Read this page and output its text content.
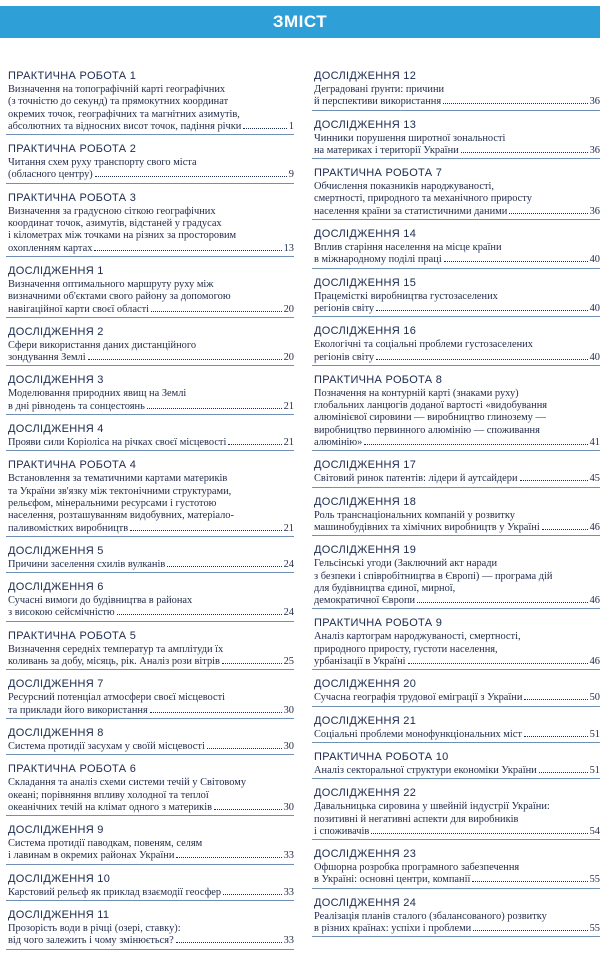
ЗМІСТ
ПРАКТИЧНА РОБОТА 1
Визначення на топографічній карті географічних
(з точністю до секунд) та прямокутних координат
окремих точок, географічних та магнітних азимутів,
абсолютних та відносних висот точок, падіння річки	1
ПРАКТИЧНА РОБОТА 2
Читання схем руху транспорту свого міста
(обласного центру)	9
ПРАКТИЧНА РОБОТА 3
Визначення за градусною сіткою географічних
координат точок, азимутів, відстаней у градусах
і кілометрах між точками на різних за просторовим
охопленням картах	13
ДОСЛІДЖЕННЯ 1
Визначення оптимального маршруту руху між
визначними об'єктами свого району за допомогою
навігаційної карти своєї області	20
ДОСЛІДЖЕННЯ 2
Сфери використання даних дистанційного
зондування Землі	20
ДОСЛІДЖЕННЯ 3
Моделювання природних явищ на Землі
в дні рівнодень та сонцестоянь	21
ДОСЛІДЖЕННЯ 4
Прояви сили Коріоліса на річках своєї місцевості	21
ПРАКТИЧНА РОБОТА 4
Встановлення за тематичними картами материків
та України зв'язку між тектонічними структурами,
рельєфом, мінеральними ресурсами і густотою
населення, розташуванням видобувних, матеріало-
паливомістких виробництв	21
ДОСЛІДЖЕННЯ 5
Причини заселення схилів вулканів	24
ДОСЛІДЖЕННЯ 6
Сучасні вимоги до будівництва в районах
з високою сейсмічністю	24
ПРАКТИЧНА РОБОТА 5
Визначення середніх температур та амплітуди їх
коливань за добу, місяць, рік. Аналіз рози вітрів	25
ДОСЛІДЖЕННЯ 7
Ресурсний потенціал атмосфери своєї місцевості
та приклади його використання	30
ДОСЛІДЖЕННЯ 8
Система протидії засухам у своїй місцевості	30
ПРАКТИЧНА РОБОТА 6
Складання та аналіз схеми системи течій у Світовому
океані; порівняння впливу холодної та теплої
океанічних течій на клімат одного з материків	30
ДОСЛІДЖЕННЯ 9
Система протидії паводкам, повеням, селям
і лавинам в окремих районах України	33
ДОСЛІДЖЕННЯ 10
Карстовий рельєф як приклад взаємодії геосфер	33
ДОСЛІДЖЕННЯ 11
Прозорість води в річці (озері, ставку):
від чого залежить і чому змінюється?	33
ДОСЛІДЖЕННЯ 12
Деградовані ґрунти: причини
й перспективи використання	36
ДОСЛІДЖЕННЯ 13
Чинники порушення широтної зональності
на материках і території України	36
ПРАКТИЧНА РОБОТА 7
Обчислення показників народжуваності,
смертності, природного та механічного приросту
населення країни за статистичними даними	36
ДОСЛІДЖЕННЯ 14
Вплив старіння населення на місце країни
в міжнародному поділі праці	40
ДОСЛІДЖЕННЯ 15
Працемісткі виробництва густозаселених
регіонів світу	40
ДОСЛІДЖЕННЯ 16
Екологічні та соціальні проблеми густозаселених
регіонів світу	40
ПРАКТИЧНА РОБОТА 8
Позначення на контурній карті (знаками руху)
глобальних ланцюгів доданої вартості «видобування
алюмінієвої сировини — виробництво глинозему —
виробництво первинного алюмінію — споживання
алюмінію»	41
ДОСЛІДЖЕННЯ 17
Світовий ринок патентів: лідери й аутсайдери	45
ДОСЛІДЖЕННЯ 18
Роль транснаціональних компаній у розвитку
машинобудівних та хімічних виробництв у Україні	46
ДОСЛІДЖЕННЯ 19
Гельсінські угоди (Заключний акт наради
з безпеки і співробітництва в Європі) — програма дій
для будівництва єдиної, мирної,
демократичної Європи	46
ПРАКТИЧНА РОБОТА 9
Аналіз картограм народжуваності, смертності,
природного приросту, густоти населення,
урбанізації в Україні	46
ДОСЛІДЖЕННЯ 20
Сучасна географія трудової еміграції з України	50
ДОСЛІДЖЕННЯ 21
Соціальні проблеми монофункціональних міст	51
ПРАКТИЧНА РОБОТА 10
Аналіз секторальної структури економіки України	51
ДОСЛІДЖЕННЯ 22
Давальницька сировина у швейній індустрії України:
позитивні й негативні аспекти для виробників
і споживачів	54
ДОСЛІДЖЕННЯ 23
Офшорна розробка програмного забезпечення
в Україні: основні центри, компанії	55
ДОСЛІДЖЕННЯ 24
Реалізація планів сталого (збалансованого) розвитку
в різних країнах: успіхи і проблеми	55
